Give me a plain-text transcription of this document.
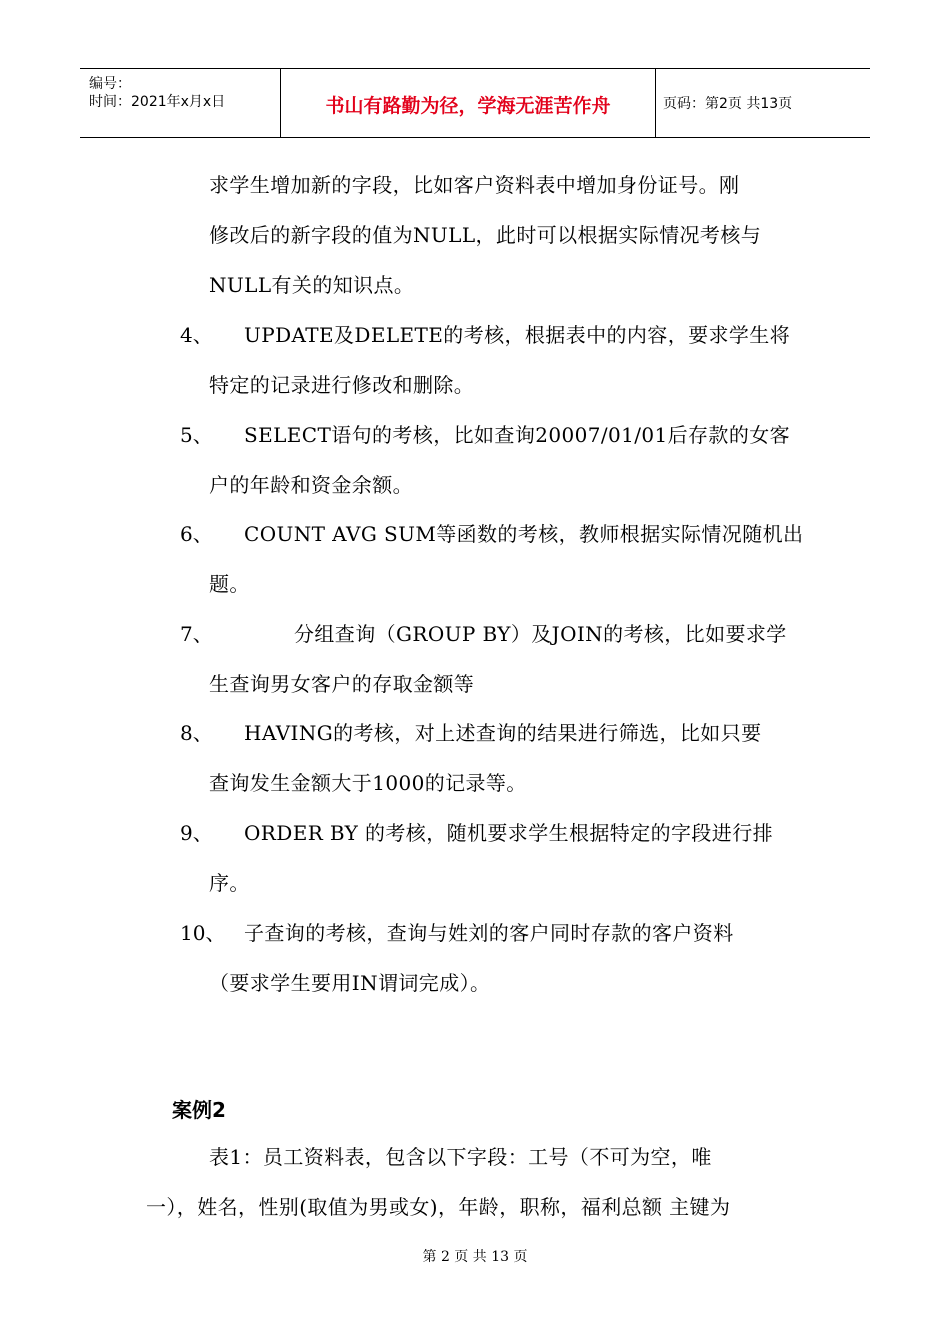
编号：
时间：2021年x月x日	书山有路勤为径，学海无涯苦作舟	页码：第2页 共13页
求学生增加新的字段，比如客户资料表中增加身份证号。刚
修改后的新字段的值为NULL，此时可以根据实际情况考核与
NULL有关的知识点。
4、 UPDATE及DELETE的考核，根据表中的内容，要求学生将
特定的记录进行修改和删除。
5、 SELECT语句的考核，比如查询20007/01/01后存款的女客
户的年龄和资金余额。
6、 COUNT AVG SUM等函数的考核，教师根据实际情况随机出
题。
7、	分组查询（GROUP BY）及JOIN的考核，比如要求学
生查询男女客户的存取金额等
8、 HAVING的考核，对上述查询的结果进行筛选，比如只要
查询发生金额大于1000的记录等。
9、 ORDER BY 的考核，随机要求学生根据特定的字段进行排
序。
10、 子查询的考核，查询与姓刘的客户同时存款的客户资料
（要求学生要用IN谓词完成）。
案例2
表1：员工资料表，包含以下字段：工号（不可为空，唯
一），姓名，性别(取值为男或女)，年龄，职称，福利总额 主键为
第 2 页 共 13 页
